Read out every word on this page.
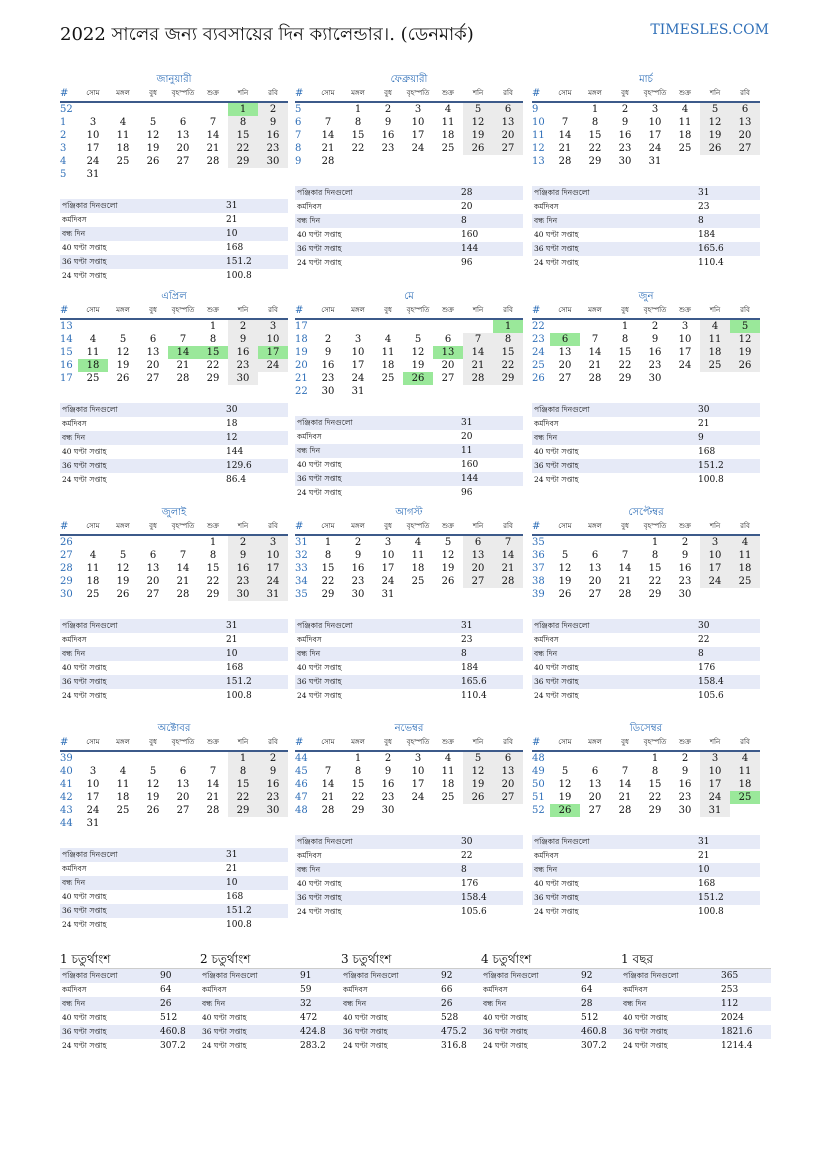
2022 সালের জন্য ব্যবসায়ের দিন ক্যালেন্ডার।. (ডেনমার্ক)	TIMESLES.COM
জানুয়ারী
#	সোম	মঙ্গল	বুধ	বৃহস্পতি	শুক্র	শনি	রবি
52						1	2
1	3	4	5	6	7	8	9
2	10	11	12	13	14	15	16
3	17	18	19	20	21	22	23
4	24	25	26	27	28	29	30
5	31						
পঞ্জিকার দিনগুলো	31
কর্মদিবস	21
বন্ধ দিন	10
40 ঘণ্টা সপ্তাহ	168
36 ঘণ্টা সপ্তাহ	151.2
24 ঘণ্টা সপ্তাহ	100.8
ফেব্রুয়ারী
#	সোম	মঙ্গল	বুধ	বৃহস্পতি	শুক্র	শনি	রবি
5		1	2	3	4	5	6
6	7	8	9	10	11	12	13
7	14	15	16	17	18	19	20
8	21	22	23	24	25	26	27
9	28						
পঞ্জিকার দিনগুলো	28
কর্মদিবস	20
বন্ধ দিন	8
40 ঘণ্টা সপ্তাহ	160
36 ঘণ্টা সপ্তাহ	144
24 ঘণ্টা সপ্তাহ	96
মার্চ
#	সোম	মঙ্গল	বুধ	বৃহস্পতি	শুক্র	শনি	রবি
9		1	2	3	4	5	6
10	7	8	9	10	11	12	13
11	14	15	16	17	18	19	20
12	21	22	23	24	25	26	27
13	28	29	30	31			
পঞ্জিকার দিনগুলো	31
কর্মদিবস	23
বন্ধ দিন	8
40 ঘণ্টা সপ্তাহ	184
36 ঘণ্টা সপ্তাহ	165.6
24 ঘণ্টা সপ্তাহ	110.4
এপ্রিল
#	সোম	মঙ্গল	বুধ	বৃহস্পতি	শুক্র	শনি	রবি
13					1	2	3
14	4	5	6	7	8	9	10
15	11	12	13	14	15	16	17
16	18	19	20	21	22	23	24
17	25	26	27	28	29	30	
পঞ্জিকার দিনগুলো	30
কর্মদিবস	18
বন্ধ দিন	12
40 ঘণ্টা সপ্তাহ	144
36 ঘণ্টা সপ্তাহ	129.6
24 ঘণ্টা সপ্তাহ	86.4
মে
#	সোম	মঙ্গল	বুধ	বৃহস্পতি	শুক্র	শনি	রবি
17							1
18	2	3	4	5	6	7	8
19	9	10	11	12	13	14	15
20	16	17	18	19	20	21	22
21	23	24	25	26	27	28	29
22	30	31					
পঞ্জিকার দিনগুলো	31
কর্মদিবস	20
বন্ধ দিন	11
40 ঘণ্টা সপ্তাহ	160
36 ঘণ্টা সপ্তাহ	144
24 ঘণ্টা সপ্তাহ	96
জুন
#	সোম	মঙ্গল	বুধ	বৃহস্পতি	শুক্র	শনি	রবি
22			1	2	3	4	5
23	6	7	8	9	10	11	12
24	13	14	15	16	17	18	19
25	20	21	22	23	24	25	26
26	27	28	29	30			
পঞ্জিকার দিনগুলো	30
কর্মদিবস	21
বন্ধ দিন	9
40 ঘণ্টা সপ্তাহ	168
36 ঘণ্টা সপ্তাহ	151.2
24 ঘণ্টা সপ্তাহ	100.8
জুলাই
#	সোম	মঙ্গল	বুধ	বৃহস্পতি	শুক্র	শনি	রবি
26					1	2	3
27	4	5	6	7	8	9	10
28	11	12	13	14	15	16	17
29	18	19	20	21	22	23	24
30	25	26	27	28	29	30	31
পঞ্জিকার দিনগুলো	31
কর্মদিবস	21
বন্ধ দিন	10
40 ঘণ্টা সপ্তাহ	168
36 ঘণ্টা সপ্তাহ	151.2
24 ঘণ্টা সপ্তাহ	100.8
আগস্ট
#	সোম	মঙ্গল	বুধ	বৃহস্পতি	শুক্র	শনি	রবি
31	1	2	3	4	5	6	7
32	8	9	10	11	12	13	14
33	15	16	17	18	19	20	21
34	22	23	24	25	26	27	28
35	29	30	31				
পঞ্জিকার দিনগুলো	31
কর্মদিবস	23
বন্ধ দিন	8
40 ঘণ্টা সপ্তাহ	184
36 ঘণ্টা সপ্তাহ	165.6
24 ঘণ্টা সপ্তাহ	110.4
সেপ্টেম্বর
#	সোম	মঙ্গল	বুধ	বৃহস্পতি	শুক্র	শনি	রবি
35				1	2	3	4
36	5	6	7	8	9	10	11
37	12	13	14	15	16	17	18
38	19	20	21	22	23	24	25
39	26	27	28	29	30		
পঞ্জিকার দিনগুলো	30
কর্মদিবস	22
বন্ধ দিন	8
40 ঘণ্টা সপ্তাহ	176
36 ঘণ্টা সপ্তাহ	158.4
24 ঘণ্টা সপ্তাহ	105.6
অক্টোবর
#	সোম	মঙ্গল	বুধ	বৃহস্পতি	শুক্র	শনি	রবি
39						1	2
40	3	4	5	6	7	8	9
41	10	11	12	13	14	15	16
42	17	18	19	20	21	22	23
43	24	25	26	27	28	29	30
44	31						
পঞ্জিকার দিনগুলো	31
কর্মদিবস	21
বন্ধ দিন	10
40 ঘণ্টা সপ্তাহ	168
36 ঘণ্টা সপ্তাহ	151.2
24 ঘণ্টা সপ্তাহ	100.8
নভেম্বর
#	সোম	মঙ্গল	বুধ	বৃহস্পতি	শুক্র	শনি	রবি
44		1	2	3	4	5	6
45	7	8	9	10	11	12	13
46	14	15	16	17	18	19	20
47	21	22	23	24	25	26	27
48	28	29	30				
পঞ্জিকার দিনগুলো	30
কর্মদিবস	22
বন্ধ দিন	8
40 ঘণ্টা সপ্তাহ	176
36 ঘণ্টা সপ্তাহ	158.4
24 ঘণ্টা সপ্তাহ	105.6
ডিসেম্বর
#	সোম	মঙ্গল	বুধ	বৃহস্পতি	শুক্র	শনি	রবি
48				1	2	3	4
49	5	6	7	8	9	10	11
50	12	13	14	15	16	17	18
51	19	20	21	22	23	24	25
52	26	27	28	29	30	31	
পঞ্জিকার দিনগুলো	31
কর্মদিবস	21
বন্ধ দিন	10
40 ঘণ্টা সপ্তাহ	168
36 ঘণ্টা সপ্তাহ	151.2
24 ঘণ্টা সপ্তাহ	100.8
1 চতুর্থাংশ
পঞ্জিকার দিনগুলো	90
কর্মদিবস	64
বন্ধ দিন	26
40 ঘণ্টা সপ্তাহ	512
36 ঘণ্টা সপ্তাহ	460.8
24 ঘণ্টা সপ্তাহ	307.2
2 চতুর্থাংশ
পঞ্জিকার দিনগুলো	91
কর্মদিবস	59
বন্ধ দিন	32
40 ঘণ্টা সপ্তাহ	472
36 ঘণ্টা সপ্তাহ	424.8
24 ঘণ্টা সপ্তাহ	283.2
3 চতুর্থাংশ
পঞ্জিকার দিনগুলো	92
কর্মদিবস	66
বন্ধ দিন	26
40 ঘণ্টা সপ্তাহ	528
36 ঘণ্টা সপ্তাহ	475.2
24 ঘণ্টা সপ্তাহ	316.8
4 চতুর্থাংশ
পঞ্জিকার দিনগুলো	92
কর্মদিবস	64
বন্ধ দিন	28
40 ঘণ্টা সপ্তাহ	512
36 ঘণ্টা সপ্তাহ	460.8
24 ঘণ্টা সপ্তাহ	307.2
1 বছর
পঞ্জিকার দিনগুলো	365
কর্মদিবস	253
বন্ধ দিন	112
40 ঘণ্টা সপ্তাহ	2024
36 ঘণ্টা সপ্তাহ	1821.6
24 ঘণ্টা সপ্তাহ	1214.4
